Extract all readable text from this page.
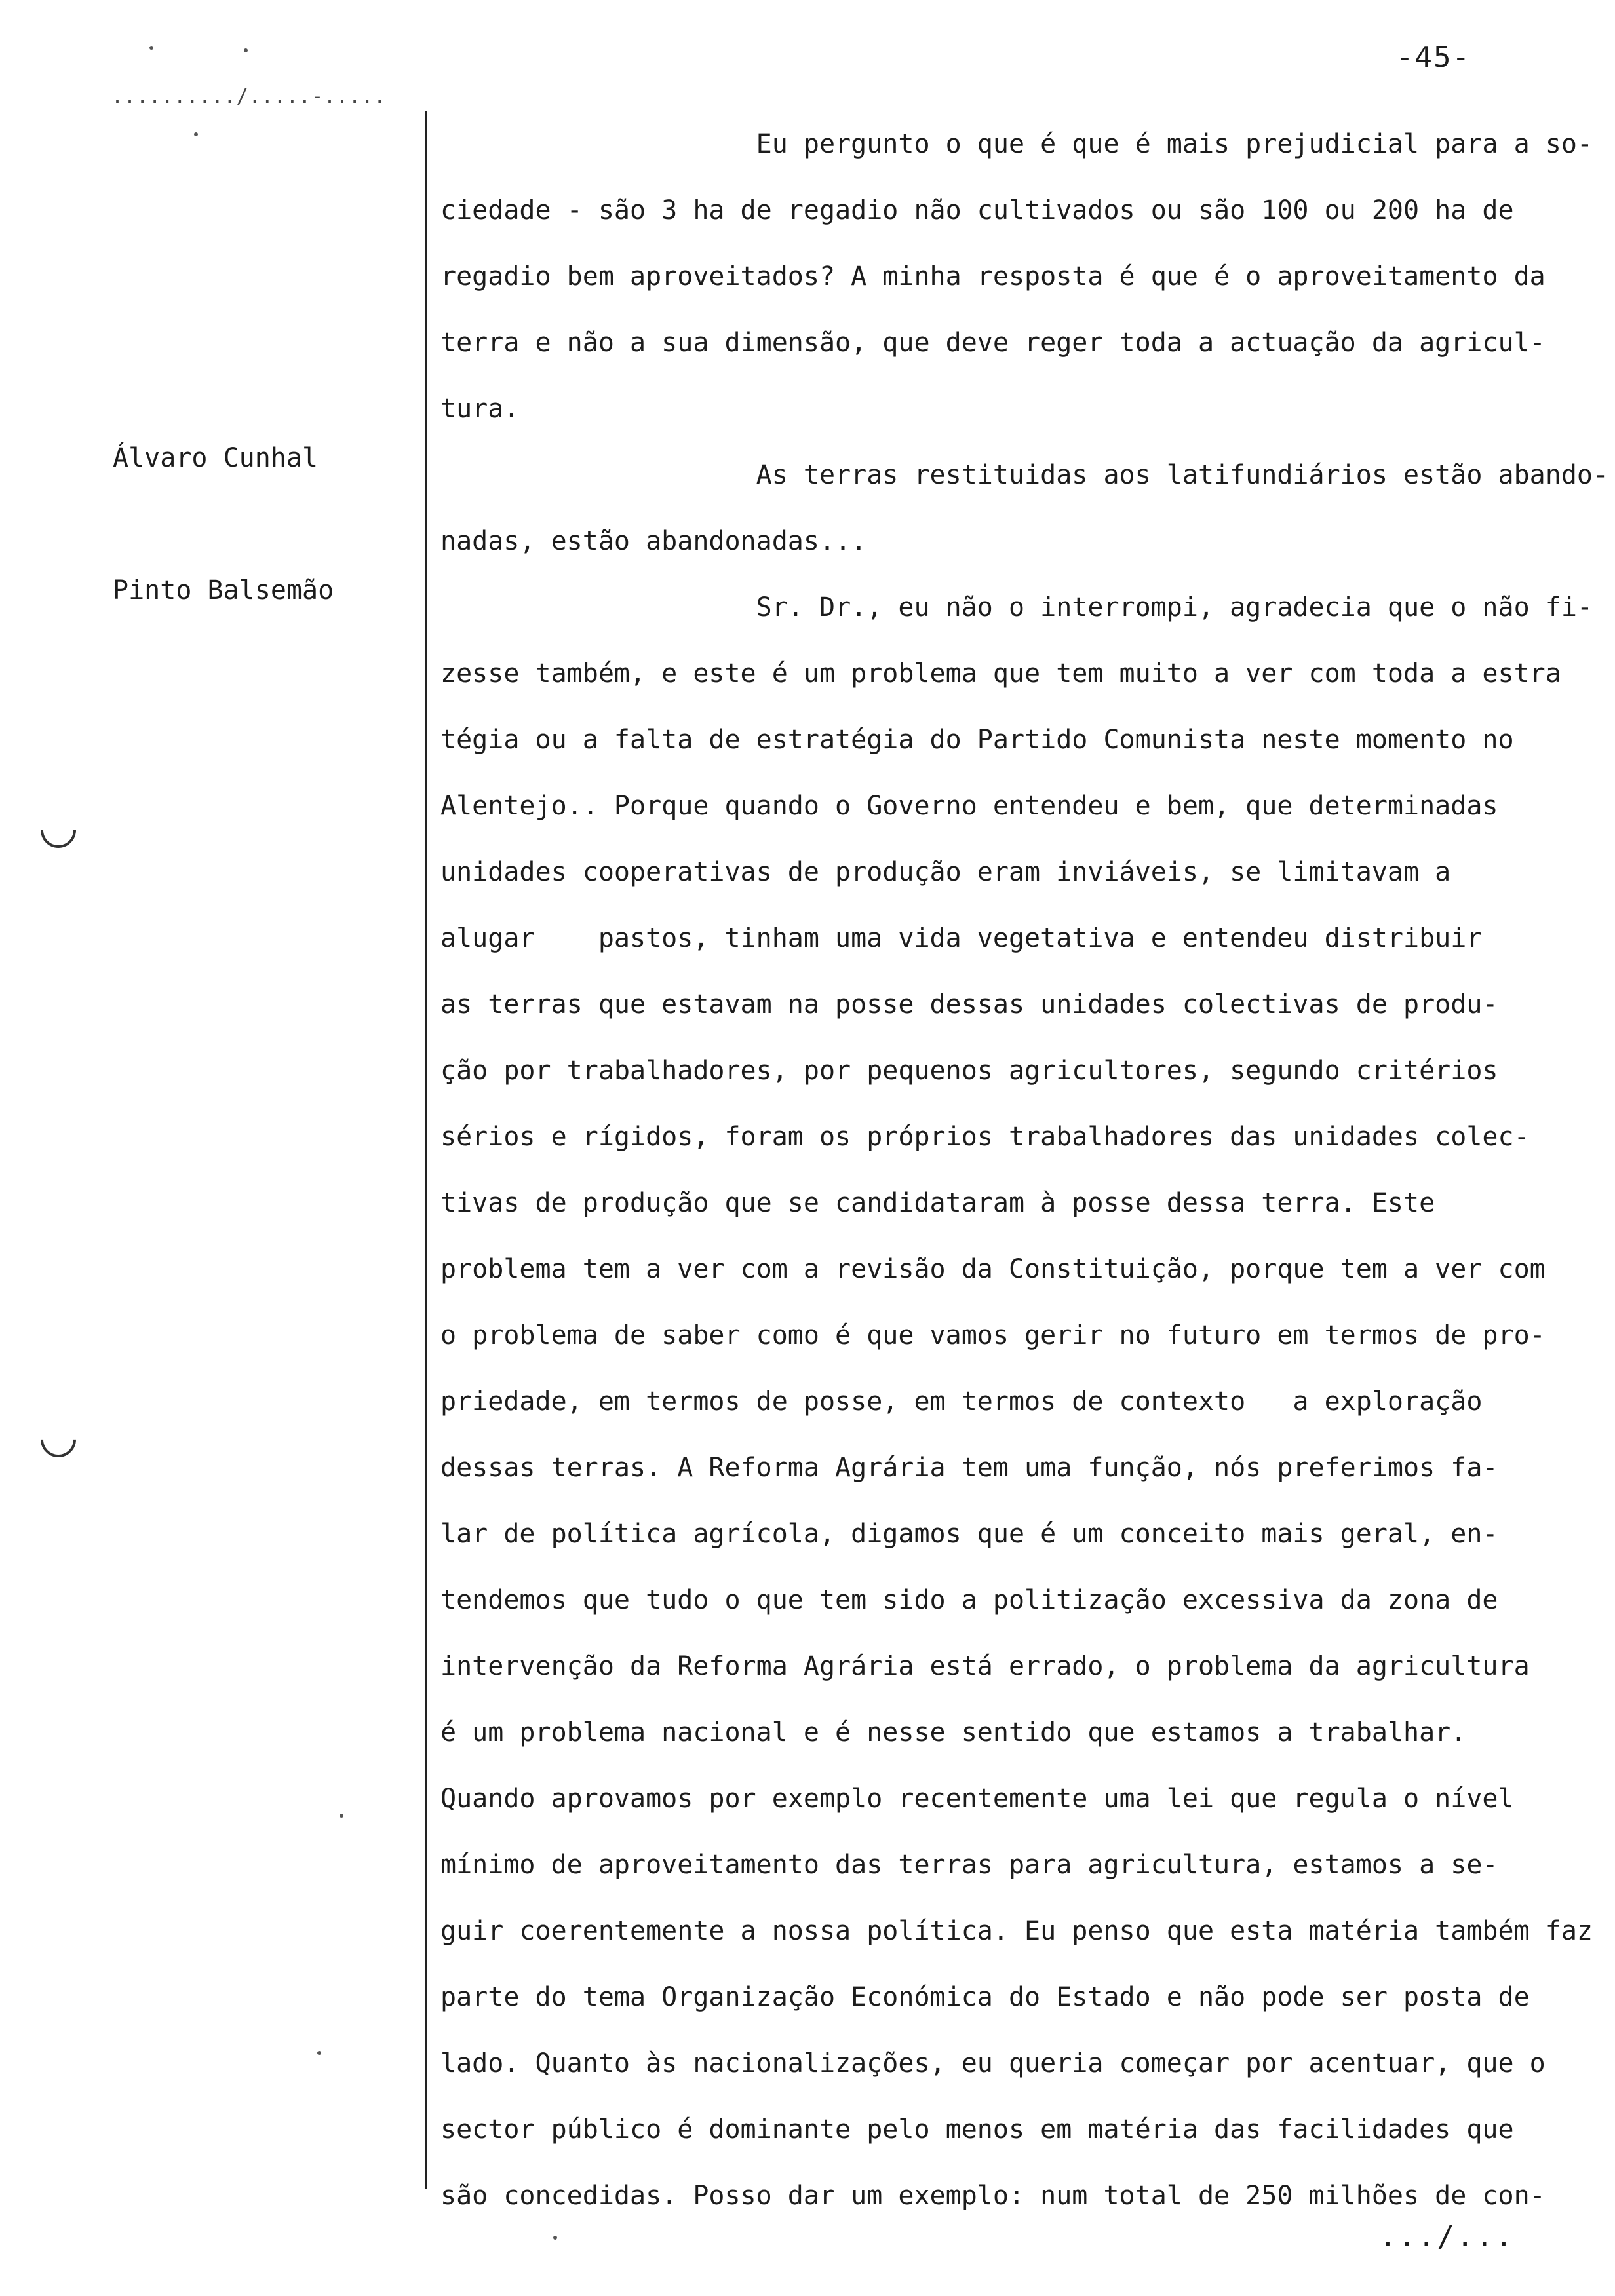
-45-
........../.....-.....
Álvaro Cunhal
Pinto Balsemão
Eu pergunto o que é que é mais prejudicial para a so-
ciedade - são 3 ha de regadio não cultivados ou são 100 ou 200 ha de
regadio bem aproveitados? A minha resposta é que é o aproveitamento da
terra e não a sua dimensão, que deve reger toda a actuação da agricul-
tura.
As terras restituidas aos latifundiários estão abando-
nadas, estão abandonadas...
Sr. Dr., eu não o interrompi, agradecia que o não fi-
zesse também, e este é um problema que tem muito a ver com toda a estra
tégia ou a falta de estratégia do Partido Comunista neste momento no
Alentejo.. Porque quando o Governo entendeu e bem, que determinadas
unidades cooperativas de produção eram inviáveis, se limitavam a
alugar    pastos, tinham uma vida vegetativa e entendeu distribuir
as terras que estavam na posse dessas unidades colectivas de produ-
ção por trabalhadores, por pequenos agricultores, segundo critérios
sérios e rígidos, foram os próprios trabalhadores das unidades colec-
tivas de produção que se candidataram à posse dessa terra. Este
problema tem a ver com a revisão da Constituição, porque tem a ver com
o problema de saber como é que vamos gerir no futuro em termos de pro-
priedade, em termos de posse, em termos de contexto   a exploração
dessas terras. A Reforma Agrária tem uma função, nós preferimos fa-
lar de política agrícola, digamos que é um conceito mais geral, en-
tendemos que tudo o que tem sido a politização excessiva da zona de
intervenção da Reforma Agrária está errado, o problema da agricultura
é um problema nacional e é nesse sentido que estamos a trabalhar.
Quando aprovamos por exemplo recentemente uma lei que regula o nível
mínimo de aproveitamento das terras para agricultura, estamos a se-
guir coerentemente a nossa política. Eu penso que esta matéria também faz
parte do tema Organização Económica do Estado e não pode ser posta de
lado. Quanto às nacionalizações, eu queria começar por acentuar, que o
sector público é dominante pelo menos em matéria das facilidades que
são concedidas. Posso dar um exemplo: num total de 250 milhões de con-
.../...
